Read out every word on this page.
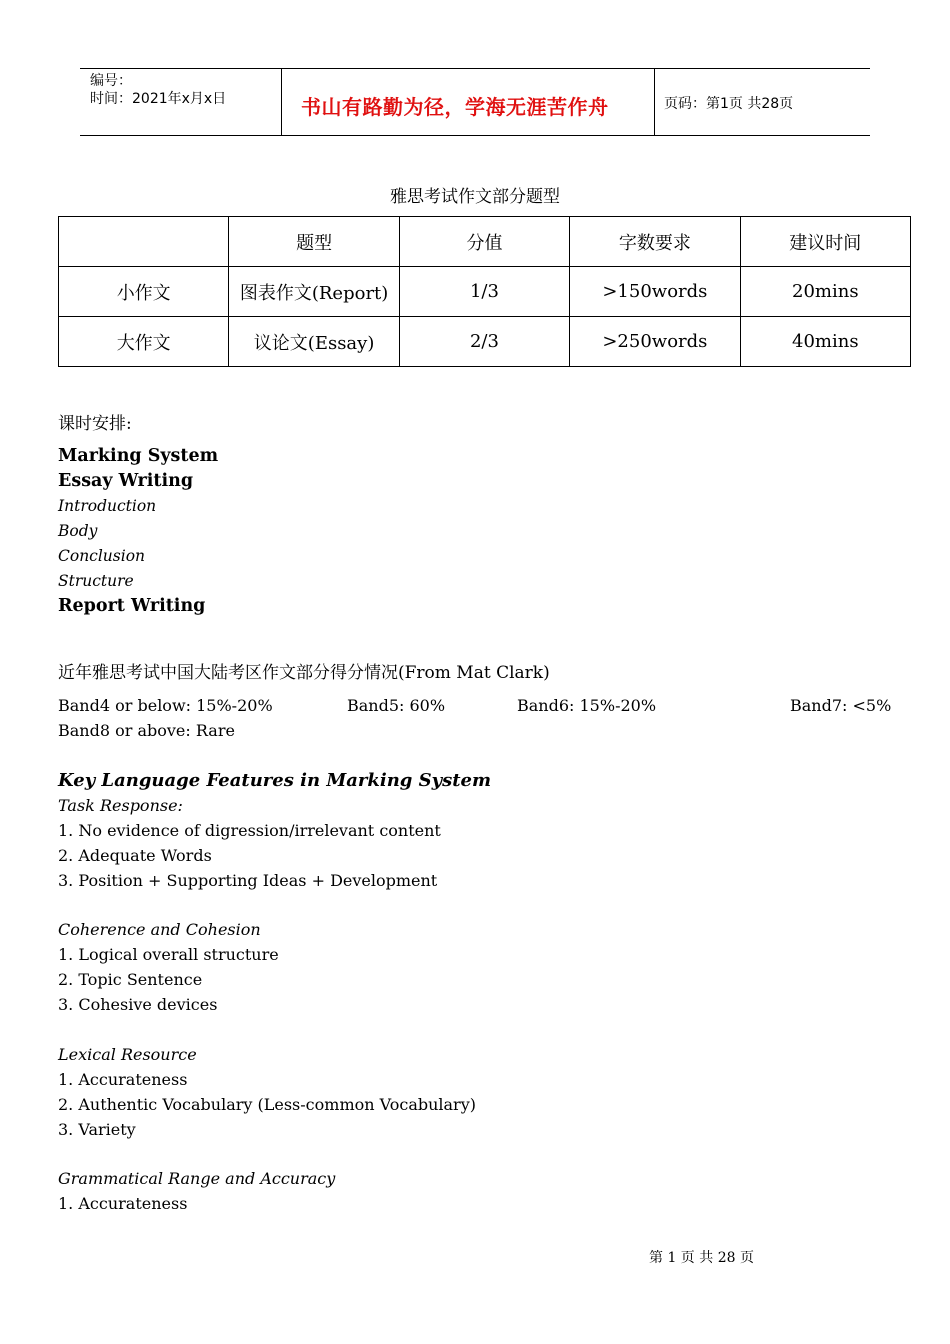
编号：
时间：2021年x月x日	书山有路勤为径，学海无涯苦作舟	页码：第1页 共28页
雅思考试作文部分题型
	题型	分值	字数要求	建议时间
小作文	图表作文(Report)	1/3	>150words	20mins
大作文	议论文(Essay)	2/3	>250words	40mins
课时安排:
Marking System
Essay Writing
Introduction
Body
Conclusion
Structure
Report Writing
近年雅思考试中国大陆考区作文部分得分情况(From Mat Clark)
Band4 or below: 15%-20%	Band5: 60%	Band6: 15%-20%	Band7: <5%
Band8 or above: Rare
Key Language Features in Marking System
Task Response:
1. No evidence of digression/irrelevant content
2. Adequate Words
3. Position + Supporting Ideas + Development
Coherence and Cohesion
1. Logical overall structure
2. Topic Sentence
3. Cohesive devices
Lexical Resource
1. Accurateness
2. Authentic Vocabulary (Less-common Vocabulary)
3. Variety
Grammatical Range and Accuracy
1. Accurateness
第 1 页 共 28 页
